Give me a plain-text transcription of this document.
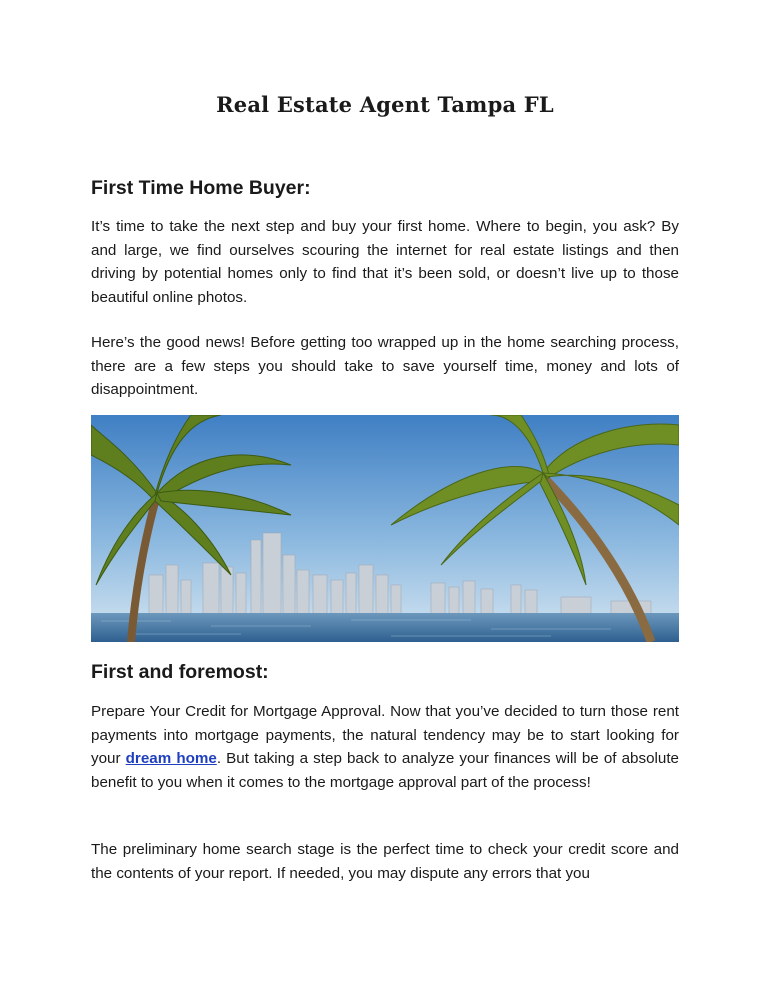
Real Estate Agent Tampa FL
First Time Home Buyer:

It’s time to take the next step and buy your first home. Where to begin, you ask? By and large, we find ourselves scouring the internet for real estate listings and then driving by potential homes only to find that it’s been sold, or doesn’t live up to those beautiful online photos.

Here’s the good news! Before getting too wrapped up in the home searching process, there are a few steps you should take to save yourself time, money and lots of disappointment.

First and foremost:

Prepare Your Credit for Mortgage Approval. Now that you’ve decided to turn those rent payments into mortgage payments, the natural tendency may be to start looking for your dream home. But taking a step back to analyze your finances will be of absolute benefit to you when it comes to the mortgage approval part of the process!

The preliminary home search stage is the perfect time to check your credit score and the contents of your report. If needed, you may dispute any errors that you
